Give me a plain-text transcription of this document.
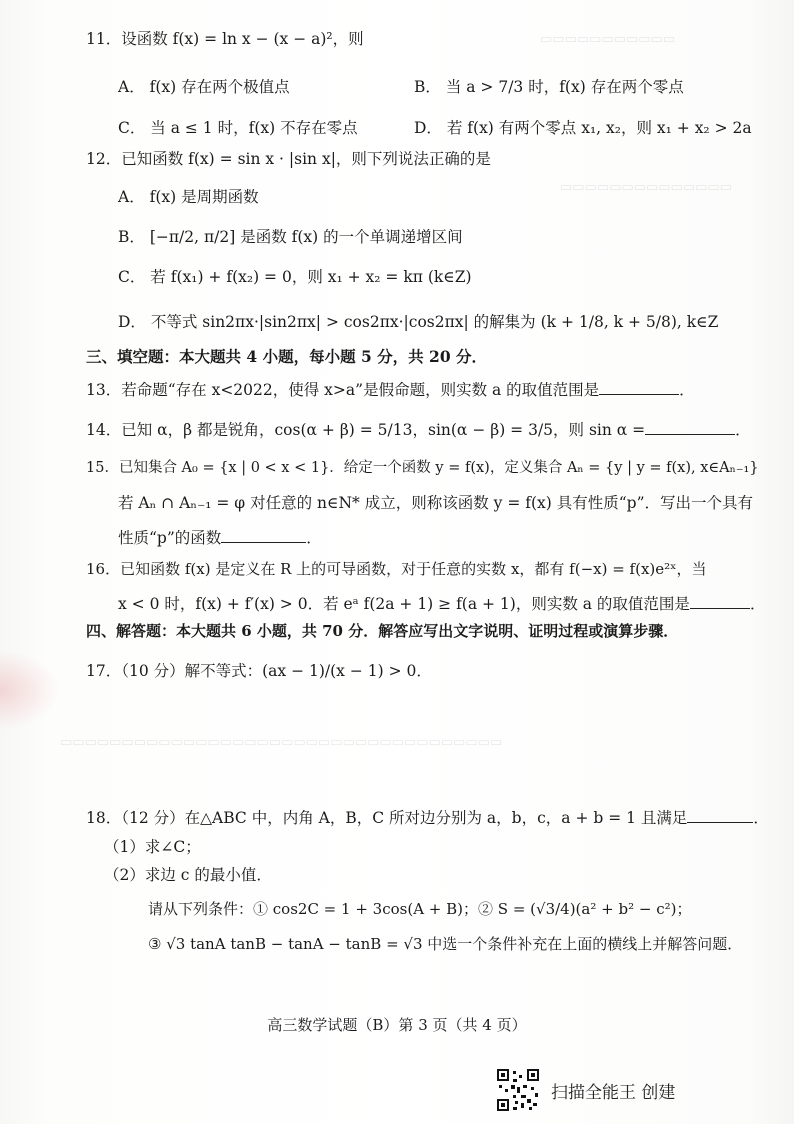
▭▭▭▭▭▭▭▭▭▭▭
▭▭▭▭▭▭▭▭▭▭▭▭▭▭
▭▭▭▭▭▭▭▭▭▭▭▭▭▭▭▭▭▭▭▭▭▭▭▭▭▭▭▭▭▭▭▭▭▭▭▭
11．设函数 f(x) = ln x − (x − a)²，则
A． f(x) 存在两个极值点	B． 当 a > 7/3 时，f(x) 存在两个零点
C． 当 a ≤ 1 时，f(x) 不存在零点	D． 若 f(x) 有两个零点 x₁, x₂，则 x₁ + x₂ > 2a
12．已知函数 f(x) = sin x · |sin x|，则下列说法正确的是
A． f(x) 是周期函数
B． [−π/2, π/2] 是函数 f(x) 的一个单调递增区间
C． 若 f(x₁) + f(x₂) = 0，则 x₁ + x₂ = kπ (k∈Z)
D． 不等式 sin2πx·|sin2πx| > cos2πx·|cos2πx| 的解集为 (k + 1/8, k + 5/8), k∈Z
三、填空题：本大题共 4 小题，每小题 5 分，共 20 分．
13．若命题“存在 x<2022，使得 x>a”是假命题，则实数 a 的取值范围是	．
14．已知 α，β 都是锐角，cos(α + β) = 5/13，sin(α − β) = 3/5，则 sin α =	．
15．已知集合 A₀ = {x | 0 < x < 1}．给定一个函数 y = f(x)，定义集合 Aₙ = {y | y = f(x), x∈Aₙ₋₁}
若 Aₙ ∩ Aₙ₋₁ = φ 对任意的 n∈N* 成立，则称该函数 y = f(x) 具有性质“p”．写出一个具有
性质“p”的函数	．
16．已知函数 f(x) 是定义在 R 上的可导函数，对于任意的实数 x，都有 f(−x) = f(x)e²ˣ，当
x < 0 时，f(x) + f′(x) > 0．若 eᵃ f(2a + 1) ≥ f(a + 1)，则实数 a 的取值范围是	．
四、解答题：本大题共 6 小题，共 70 分．解答应写出文字说明、证明过程或演算步骤．
17．（10 分）解不等式：(ax − 1)/(x − 1) > 0．
18．（12 分）在△ABC 中，内角 A，B，C 所对边分别为 a，b，c，a + b = 1 且满足	．
（1）求∠C；
（2）求边 c 的最小值．
请从下列条件：① cos2C = 1 + 3cos(A + B)；② S = (√3/4)(a² + b² − c²)；
③ √3 tanA tanB − tanA − tanB = √3 中选一个条件补充在上面的横线上并解答问题．
高三数学试题（B）第 3 页（共 4 页）
扫描全能王 创建
